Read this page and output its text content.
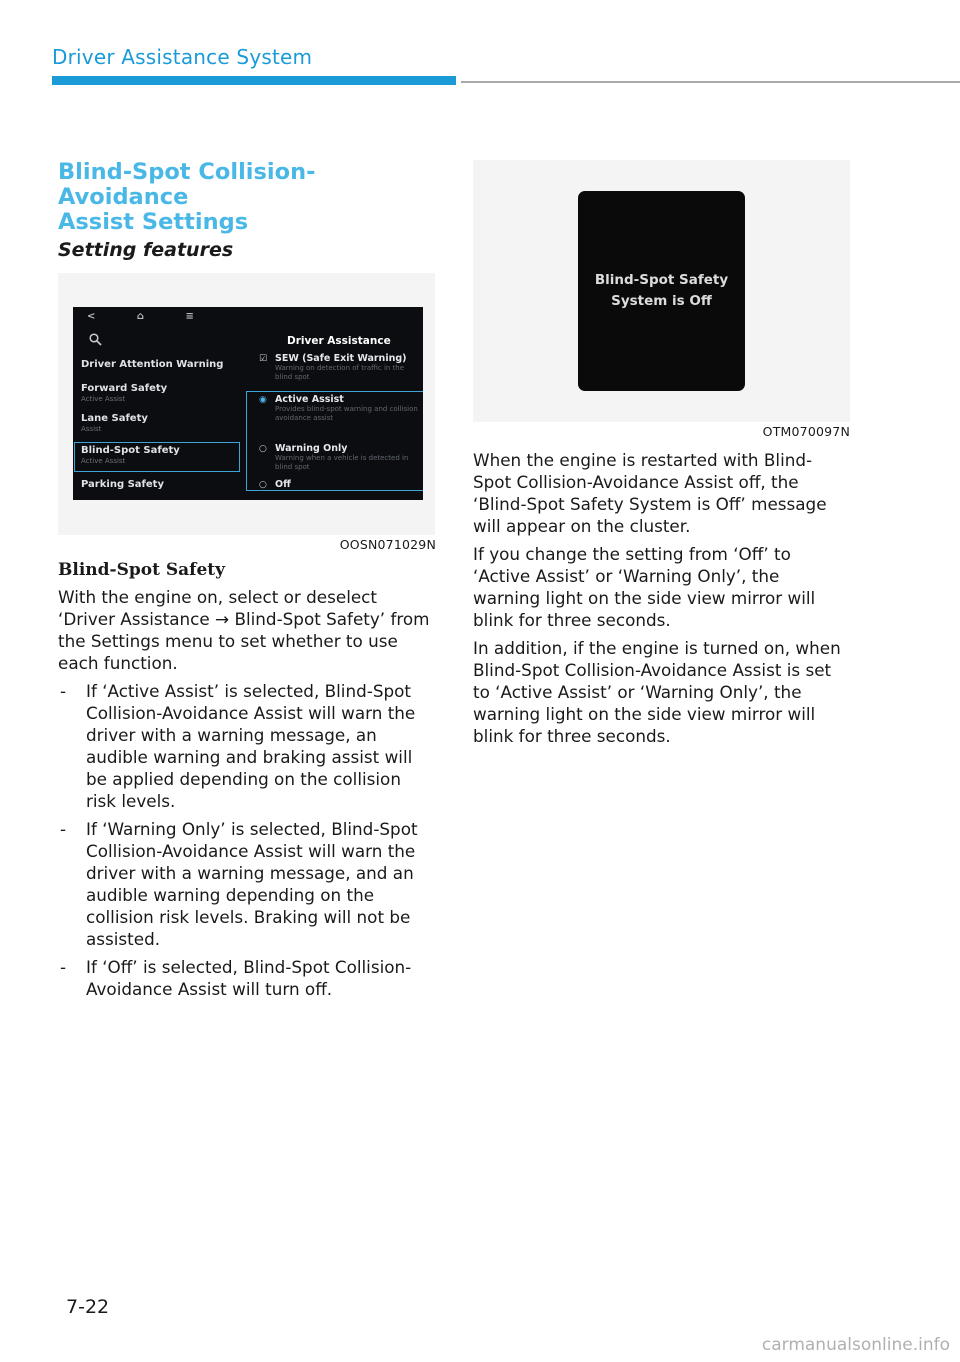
Driver Assistance System
Blind-Spot Collision-Avoidance
Assist Settings
Setting features
<	⌂	≡
Driver Assistance
Driver Attention Warning
Forward Safety
Active Assist
Lane Safety
Assist
Blind-Spot Safety
Active Assist
Parking Safety
☑ SEW (Safe Exit Warning)
Warning on detection of traffic in the blind spot
◉ Active Assist
Provides blind-spot warning and collision avoidance assist
○ Warning Only
Warning when a vehicle is detected in blind spot
○ Off
OOSN071029N
Blind-Spot Safety

With the engine on, select or deselect ‘Driver Assistance → Blind-Spot Safety’ from the Settings menu to set whether to use each function.

- If ‘Active Assist’ is selected, Blind-Spot Collision-Avoidance Assist will warn the driver with a warning message, an audible warning and braking assist will be applied depending on the collision risk levels.
- If ‘Warning Only’ is selected, Blind-Spot Collision-Avoidance Assist will warn the driver with a warning message, and an audible warning depending on the collision risk levels. Braking will not be assisted.
- If ‘Off’ is selected, Blind-Spot Collision-Avoidance Assist will turn off.
Blind-Spot Safety
System is Off
OTM070097N

When the engine is restarted with Blind-Spot Collision-Avoidance Assist off, the ‘Blind-Spot Safety System is Off’ message will appear on the cluster.

If you change the setting from ‘Off’ to ‘Active Assist’ or ‘Warning Only’, the warning light on the side view mirror will blink for three seconds.

In addition, if the engine is turned on, when Blind-Spot Collision-Avoidance Assist is set to ‘Active Assist’ or ‘Warning Only’, the warning light on the side view mirror will blink for three seconds.

7-22
carmanualsonline.info
